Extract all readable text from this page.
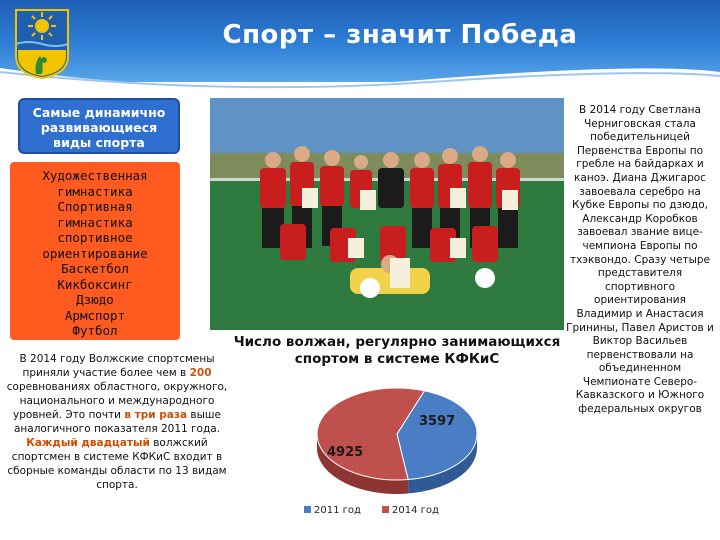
Спорт – значит Победа
Самые динамично
развивающиеся
виды спорта
Художественная
гимнастика
Спортивная
гимнастика
спортивное
ориентирование
Баскетбол
Кикбоксинг
Дзюдо
Армспорт
Футбол
Число волжан, регулярно занимающихся спортом в системе КФКиС
3597
4925
2011 год	2014 год
В 2014 году Волжские спортсмены приняли участие более чем в 200 соревнованиях областного, окружного, национального и международного уровней. Это почти в три раза выше аналогичного показателя 2011 года.
Каждый двадцатый волжский спортсмен в системе КФКиС входит в сборные команды области по 13 видам спорта.
В 2014 году Светлана Черниговская стала победительницей Первенства Европы по гребле на байдарках и каноэ. Диана Джигарос завоевала серебро на Кубке Европы по дзюдо, Александр Коробков завоевал звание вице-чемпиона Европы по тхэквондо. Сразу четыре представителя спортивного ориентирования Владимир и Анастасия Гринины, Павел Аристов и Виктор Васильев первенствовали на объединенном Чемпионате Северо-Кавказского и Южного федеральных округов
